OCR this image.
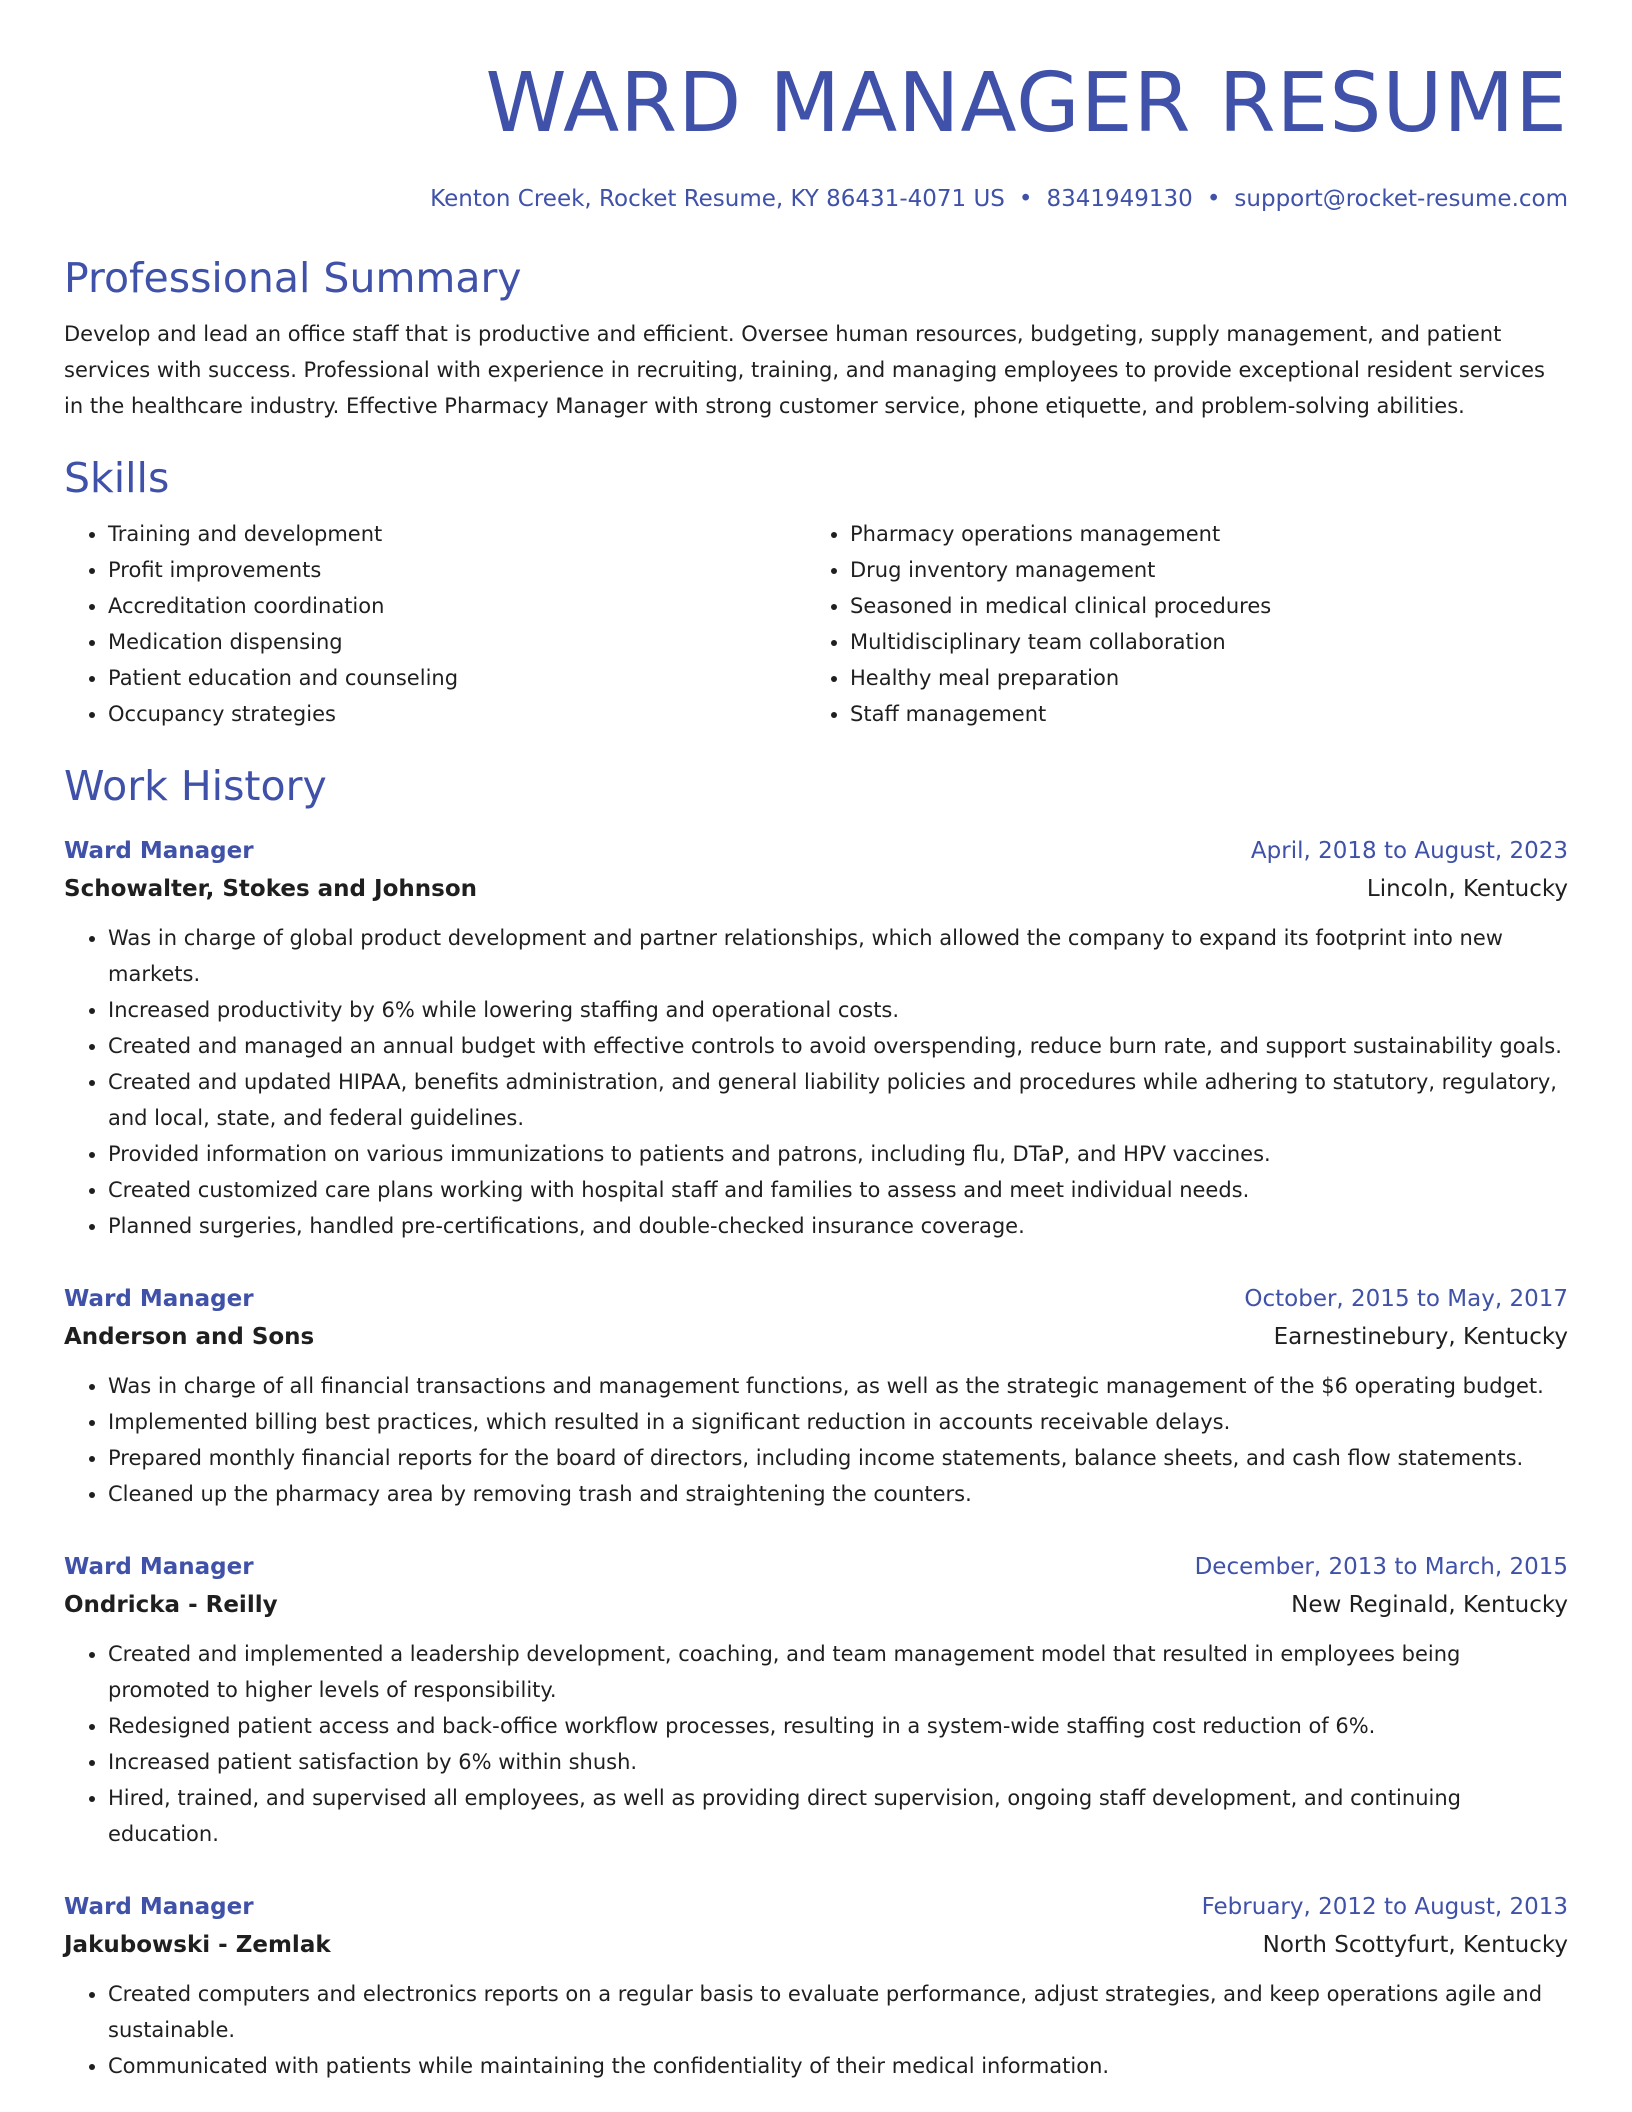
WARD MANAGER RESUME
Kenton Creek, Rocket Resume, KY 86431-4071 US • 8341949130 • support@rocket-resume.com
Professional Summary
Develop and lead an office staff that is productive and efficient. Oversee human resources, budgeting, supply management, and patient services with success. Professional with experience in recruiting, training, and managing employees to provide exceptional resident services in the healthcare industry. Effective Pharmacy Manager with strong customer service, phone etiquette, and problem-solving abilities.
Skills
• Training and development
• Profit improvements
• Accreditation coordination
• Medication dispensing
• Patient education and counseling
• Occupancy strategies
• Pharmacy operations management
• Drug inventory management
• Seasoned in medical clinical procedures
• Multidisciplinary team collaboration
• Healthy meal preparation
• Staff management
Work History
Ward Manager	April, 2018 to August, 2023
Schowalter, Stokes and Johnson	Lincoln, Kentucky
• Was in charge of global product development and partner relationships, which allowed the company to expand its footprint into new markets.
• Increased productivity by 6% while lowering staffing and operational costs.
• Created and managed an annual budget with effective controls to avoid overspending, reduce burn rate, and support sustainability goals.
• Created and updated HIPAA, benefits administration, and general liability policies and procedures while adhering to statutory, regulatory, and local, state, and federal guidelines.
• Provided information on various immunizations to patients and patrons, including flu, DTaP, and HPV vaccines.
• Created customized care plans working with hospital staff and families to assess and meet individual needs.
• Planned surgeries, handled pre-certifications, and double-checked insurance coverage.
Ward Manager	October, 2015 to May, 2017
Anderson and Sons	Earnestinebury, Kentucky
• Was in charge of all financial transactions and management functions, as well as the strategic management of the $6 operating budget.
• Implemented billing best practices, which resulted in a significant reduction in accounts receivable delays.
• Prepared monthly financial reports for the board of directors, including income statements, balance sheets, and cash flow statements.
• Cleaned up the pharmacy area by removing trash and straightening the counters.
Ward Manager	December, 2013 to March, 2015
Ondricka - Reilly	New Reginald, Kentucky
• Created and implemented a leadership development, coaching, and team management model that resulted in employees being promoted to higher levels of responsibility.
• Redesigned patient access and back-office workflow processes, resulting in a system-wide staffing cost reduction of 6%.
• Increased patient satisfaction by 6% within shush.
• Hired, trained, and supervised all employees, as well as providing direct supervision, ongoing staff development, and continuing education.
Ward Manager	February, 2012 to August, 2013
Jakubowski - Zemlak	North Scottyfurt, Kentucky
• Created computers and electronics reports on a regular basis to evaluate performance, adjust strategies, and keep operations agile and sustainable.
• Communicated with patients while maintaining the confidentiality of their medical information.
